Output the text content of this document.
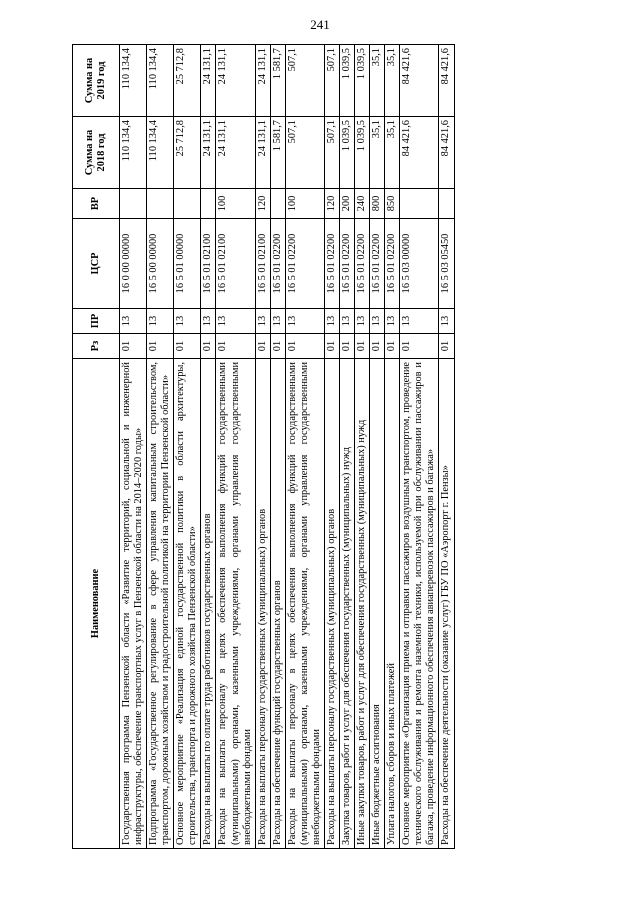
241
Наименование	Рз	ПР	ЦСР	ВР	Сумма на 2018 год	Сумма на 2019 год
Государственная программа Пензенской области «Развитие территорий, социальной и инженерной инфраструктуры, обеспечение транспортных услуг в Пензенской области на 2014–2020 годы»	01	13	16 0 00 00000		110 134,4	110 134,4
Подпрограмма «Государственное регулирование в сфере управления капитальным строительством, транспортом, дорожным хозяйством и градостроительной политикой на территории Пензенской области»	01	13	16 5 00 00000		110 134,4	110 134,4
Основное мероприятие «Реализация единой государственной политики в области архитектуры, строительства, транспорта и дорожного хозяйства Пензенской области»	01	13	16 5 01 00000		25 712,8	25 712,8
Расходы на выплаты по оплате труда работников государственных органов	01	13	16 5 01 02100		24 131,1	24 131,1
Расходы на выплаты персоналу в целях обеспечения выполнения функций государственными (муниципальными) органами, казенными учреждениями, органами управления государственными внебюджетными фондами	01	13	16 5 01 02100	100	24 131,1	24 131,1
Расходы на выплаты персоналу государственных (муниципальных) органов	01	13	16 5 01 02100	120	24 131,1	24 131,1
Расходы на обеспечение функций государственных органов	01	13	16 5 01 02200		1 581,7	1 581,7
Расходы на выплаты персоналу в целях обеспечения выполнения функций государственными (муниципальными) органами, казенными учреждениями, органами управления государственными внебюджетными фондами	01	13	16 5 01 02200	100	507,1	507,1
Расходы на выплаты персоналу государственных (муниципальных) органов	01	13	16 5 01 02200	120	507,1	507,1
Закупка товаров, работ и услуг для обеспечения государственных (муниципальных) нужд	01	13	16 5 01 02200	200	1 039,5	1 039,5
Иные закупки товаров, работ и услуг для обеспечения государственных (муниципальных) нужд	01	13	16 5 01 02200	240	1 039,5	1 039,5
Иные бюджетные ассигнования	01	13	16 5 01 02200	800	35,1	35,1
Уплата налогов, сборов и иных платежей	01	13	16 5 01 02200	850	35,1	35,1
Основное мероприятие «Организация приема и отправки пассажиров воздушным транспортом, проведение технического обслуживания и ремонта наземной техники, используемой при обслуживании пассажиров и багажа, проведение информационного обеспечения авиаперевозок пассажиров и багажа»	01	13	16 5 03 00000		84 421,6	84 421,6
Расходы на обеспечение деятельности (оказание услуг) ГБУ ПО «Аэропорт г. Пензы»	01	13	16 5 03 05450		84 421,6	84 421,6
